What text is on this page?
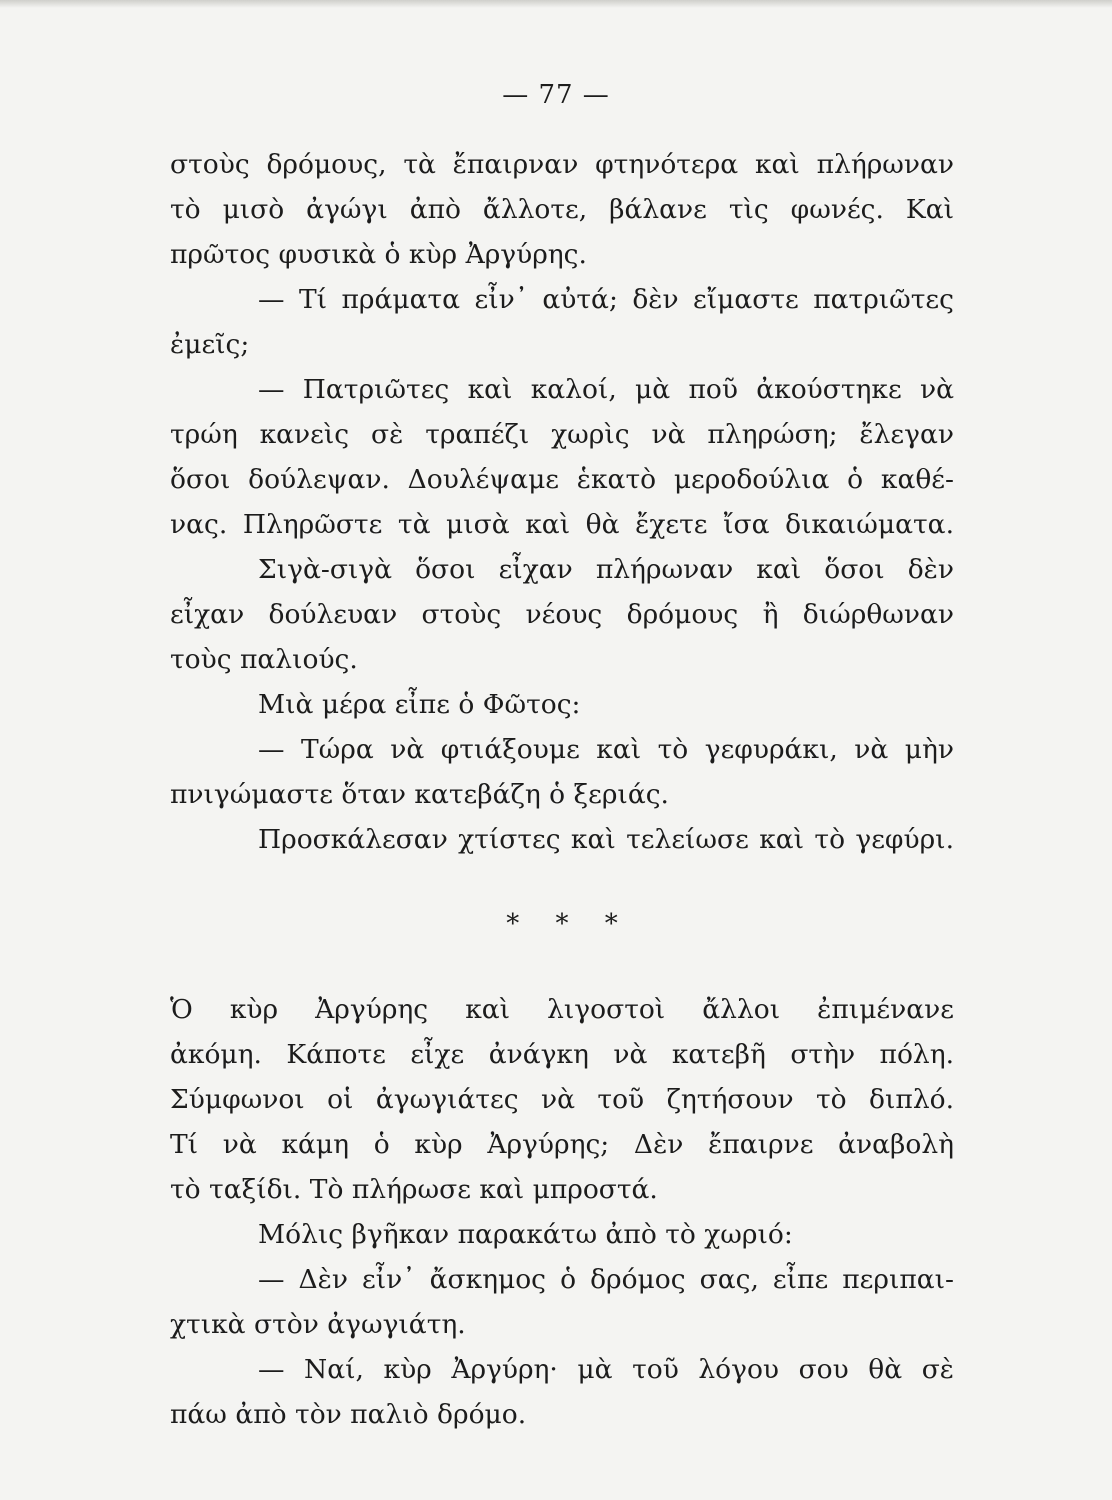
— 77 —
στοὺς δρόμους, τὰ ἔπαιρναν φτηνότερα καὶ πλήρωναν
τὸ μισὸ ἀγώγι ἀπὸ ἄλλοτε, βάλανε τὶς φωνές. Καὶ
πρῶτος φυσικὰ ὁ κὺρ Ἀργύρης.
— Τί πράματα εἶν᾽ αὐτά; δὲν εἴμαστε πατριῶτες
ἐμεῖς;
— Πατριῶτες καὶ καλοί, μὰ ποῦ ἀκούστηκε νὰ
τρώη κανεὶς σὲ τραπέζι χωρὶς νὰ πληρώση; ἔλεγαν
ὅσοι δούλεψαν. Δουλέψαμε ἑκατὸ μεροδούλια ὁ καθέ-
νας. Πληρῶστε τὰ μισὰ καὶ θὰ ἔχετε ἴσα δικαιώματα.
Σιγὰ-σιγὰ ὅσοι εἶχαν πλήρωναν καὶ ὅσοι δὲν
εἶχαν δούλευαν στοὺς νέους δρόμους ἢ διώρθωναν
τοὺς παλιούς.
Μιὰ μέρα εἶπε ὁ Φῶτος:
— Τώρα νὰ φτιάξουμε καὶ τὸ γεφυράκι, νὰ μὴν
πνιγώμαστε ὅταν κατεβάζη ὁ ξεριάς.
Προσκάλεσαν χτίστες καὶ τελείωσε καὶ τὸ γεφύρι.
* * *
Ὁ κὺρ Ἀργύρης καὶ λιγοστοὶ ἄλλοι ἐπιμένανε
ἀκόμη. Κάποτε εἶχε ἀνάγκη νὰ κατεβῆ στὴν πόλη.
Σύμφωνοι οἱ ἀγωγιάτες νὰ τοῦ ζητήσουν τὸ διπλό.
Τί νὰ κάμη ὁ κὺρ Ἀργύρης; Δὲν ἔπαιρνε ἀναβολὴ
τὸ ταξίδι. Τὸ πλήρωσε καὶ μπροστά.
Μόλις βγῆκαν παρακάτω ἀπὸ τὸ χωριό:
— Δὲν εἶν᾽ ἄσκημος ὁ δρόμος σας, εἶπε περιπαι-
χτικὰ στὸν ἀγωγιάτη.
— Ναί, κὺρ Ἀργύρη· μὰ τοῦ λόγου σου θὰ σὲ
πάω ἀπὸ τὸν παλιὸ δρόμο.
